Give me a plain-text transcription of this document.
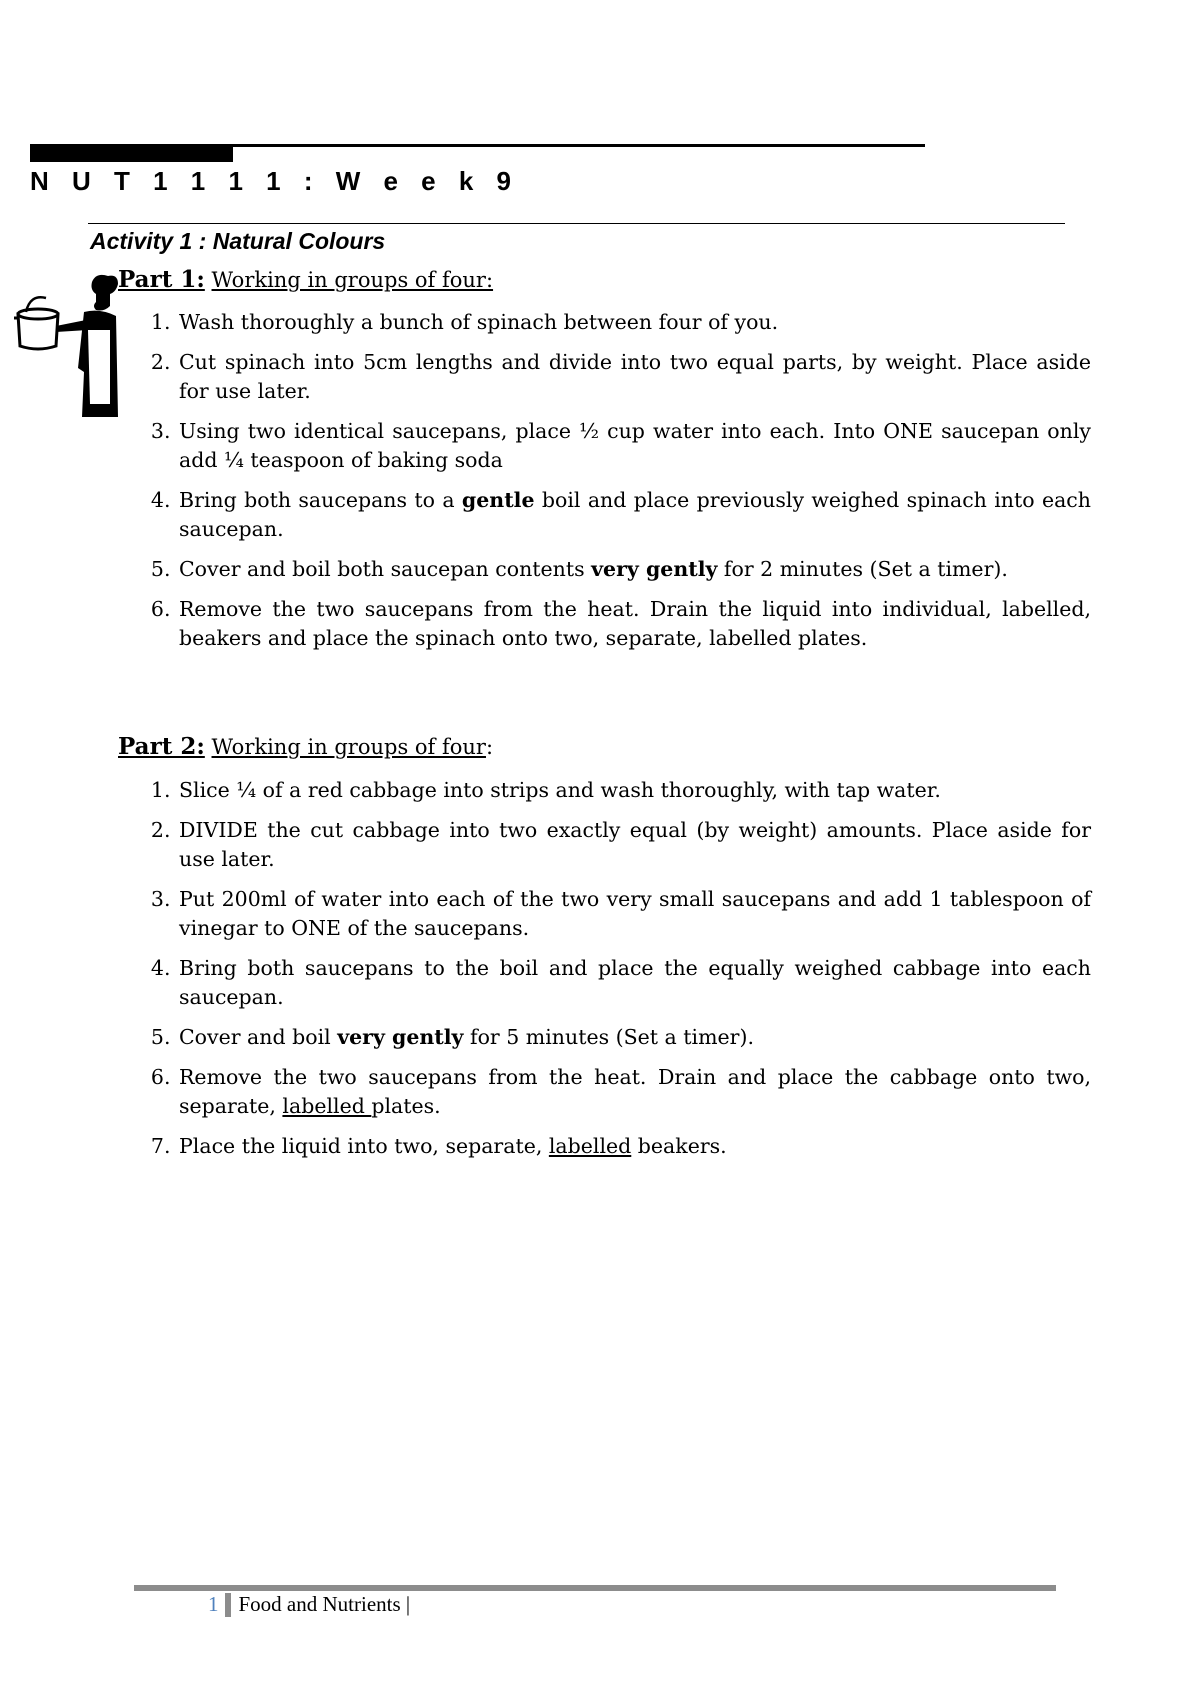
N U T 1 1 1 1 : W e e k 9
Activity 1 : Natural Colours
Part 1: Working in groups of four:
1. Wash thoroughly a bunch of spinach between four of you.
2. Cut spinach into 5cm lengths and divide into two equal parts, by weight. Place aside for use later.
3. Using two identical saucepans, place ½ cup water into each. Into ONE saucepan only add ¼ teaspoon of baking soda
4. Bring both saucepans to a gentle boil and place previously weighed spinach into each saucepan.
5. Cover and boil both saucepan contents very gently for 2 minutes (Set a timer).
6. Remove the two saucepans from the heat. Drain the liquid into individual, labelled, beakers and place the spinach onto two, separate, labelled plates.
Part 2: Working in groups of four:
1. Slice ¼ of a red cabbage into strips and wash thoroughly, with tap water.
2. DIVIDE the cut cabbage into two exactly equal (by weight) amounts. Place aside for use later.
3. Put 200ml of water into each of the two very small saucepans and add 1 tablespoon of vinegar to ONE of the saucepans.
4. Bring both saucepans to the boil and place the equally weighed cabbage into each saucepan.
5. Cover and boil very gently for 5 minutes (Set a timer).
6. Remove the two saucepans from the heat. Drain and place the cabbage onto two, separate, labelled plates.
7. Place the liquid into two, separate, labelled beakers.
1 Food and Nutrients |
